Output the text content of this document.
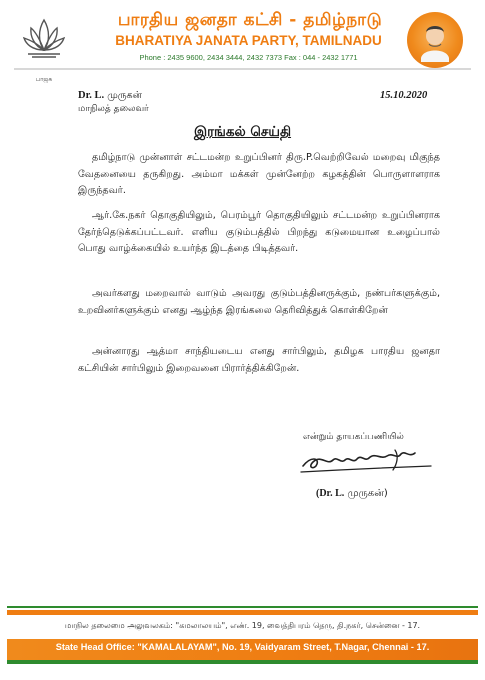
பாஜக
பாரதிய ஜனதா கட்சி - தமிழ்நாடு
BHARATIYA JANATA PARTY, TAMILNADU
Phone : 2435 9600, 2434 3444, 2432 7373 Fax : 044 - 2432 1771
Dr. L. முருகன்
மாநிலத் தலைவர்
15.10.2020
இரங்கல் செய்தி
தமிழ்நாடு முன்னாள் சட்டமன்ற உறுப்பினர் திரு.P.வெற்றிவேல் மறைவு மிகுந்த வேதனையை தருகிறது. அம்மா மக்கள் முன்னேற்ற கழகத்தின் பொருளாளராக இருந்தவர்.
ஆர்.கே.நகர் தொகுதியிலும், பெரம்பூர் தொகுதியிலும் சட்டமன்ற உறுப்பினராக தேர்ந்தெடுக்கப்பட்டவர். எளிய குடும்பத்தில் பிறந்து கடுமையான உழைப்பால் பொது வாழ்க்கையில் உயர்ந்த இடத்தை பிடித்தவர்.
அவர்களது மறைவால் வாடும் அவரது குடும்பத்தினருக்கும், நண்பர்களுக்கும், உறவினர்களுக்கும் எனது ஆழ்ந்த இரங்கலை தெரிவித்துக் கொள்கிறேன்
அன்னாரது ஆத்மா சாந்தியடைய எனது சார்பிலும், தமிழக பாரதிய ஜனதா கட்சியின் சார்பிலும் இறைவனை பிரார்த்திக்கிறேன்.
என்றும் தாயகப்பணியில்
(Dr. L. முருகன்)
மாநில தலைமை அலுவலகம்: "கமலாலயம்", எண். 19, வைத்திபரம் தெரு, தி.நகர், சென்னை - 17.
State Head Office: "KAMALALAYAM", No. 19, Vaidyaram Street, T.Nagar, Chennai - 17.
